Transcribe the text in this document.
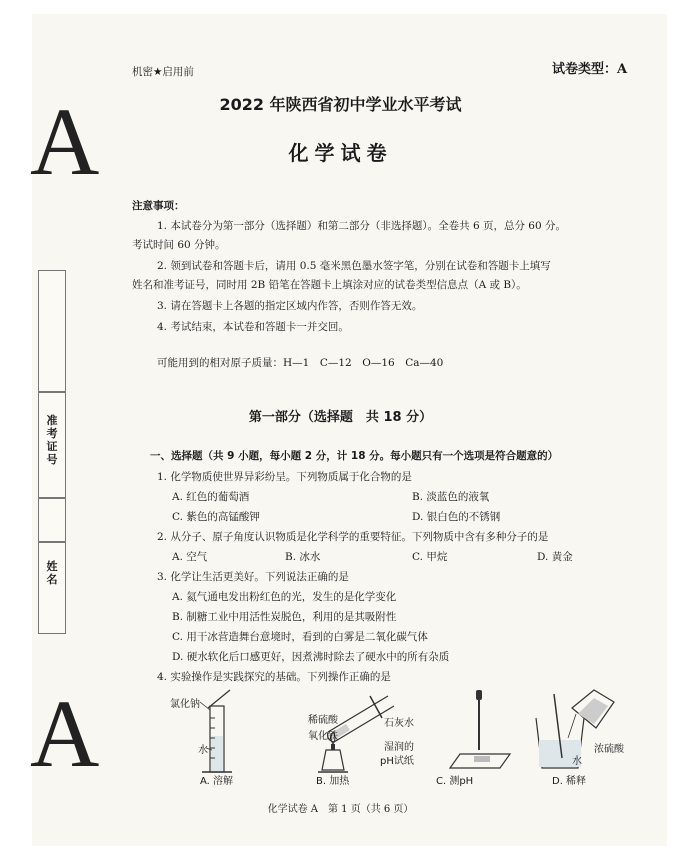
A
A
准考证号
姓名
机密★启用前	试卷类型：A
2022 年陕西省初中学业水平考试
化学试卷
注意事项：
1. 本试卷分为第一部分（选择题）和第二部分（非选择题）。全卷共 6 页，总分 60 分。
考试时间 60 分钟。
2. 领到试卷和答题卡后，请用 0.5 毫米黑色墨水签字笔，分别在试卷和答题卡上填写
姓名和准考证号，同时用 2B 铅笔在答题卡上填涂对应的试卷类型信息点（A 或 B）。
3. 请在答题卡上各题的指定区域内作答，否则作答无效。
4. 考试结束，本试卷和答题卡一并交回。
可能用到的相对原子质量：H—1　C—12　O—16　Ca—40
第一部分（选择题　共 18 分）
一、选择题（共 9 小题，每小题 2 分，计 18 分。每小题只有一个选项是符合题意的）
1. 化学物质使世界异彩纷呈。下列物质属于化合物的是
A. 红色的葡萄酒	B. 淡蓝色的液氧
C. 紫色的高锰酸钾	D. 银白色的不锈钢
2. 从分子、原子角度认识物质是化学科学的重要特征。下列物质中含有多种分子的是
A. 空气	B. 冰水	C. 甲烷	D. 黄金
3. 化学让生活更美好。下列说法正确的是
A. 氦气通电发出粉红色的光，发生的是化学变化
B. 制糖工业中用活性炭脱色，利用的是其吸附性
C. 用干冰营造舞台意境时，看到的白雾是二氧化碳气体
D. 硬水软化后口感更好，因煮沸时除去了硬水中的所有杂质
4. 实验操作是实践探究的基础。下列操作正确的是
氯化钠
水
A. 溶解
稀硫酸
氧化铁
B. 加热
石灰水
湿润的
pH试纸
C. 测pH
浓硫酸
水
D. 稀释
化学试卷 A　第 1 页（共 6 页）
